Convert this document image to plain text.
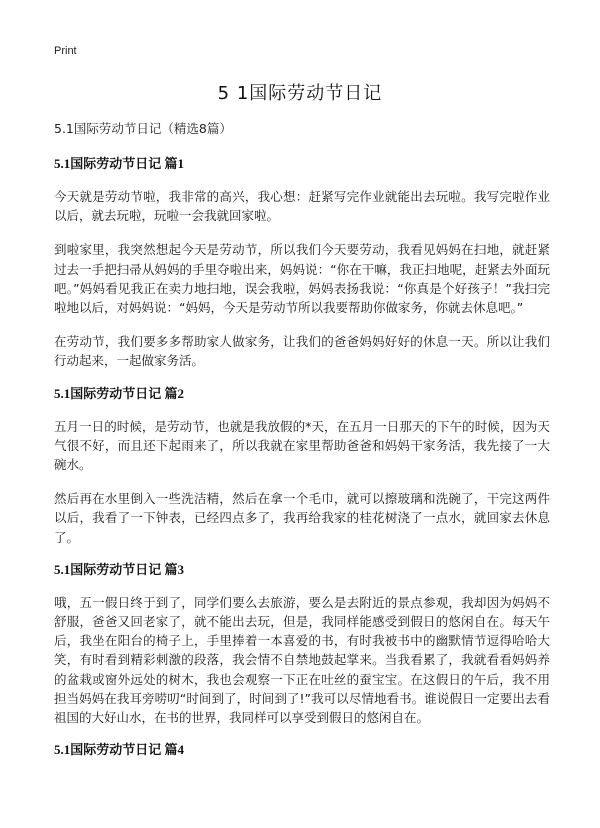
Print
5 1国际劳动节日记

5.1国际劳动节日记（精选8篇）

5.1国际劳动节日记 篇1

今天就是劳动节啦，我非常的高兴，我心想：赶紧写完作业就能出去玩啦。我写完啦作业以后，就去玩啦，玩啦一会我就回家啦。

到啦家里，我突然想起今天是劳动节，所以我们今天要劳动，我看见妈妈在扫地，就赶紧过去一手把扫帚从妈妈的手里夺啦出来，妈妈说：“你在干嘛，我正扫地呢，赶紧去外面玩吧。”妈妈看见我正在卖力地扫地，误会我啦，妈妈表扬我说：“你真是个好孩子！”我扫完啦地以后，对妈妈说：“妈妈，今天是劳动节所以我要帮助你做家务，你就去休息吧。”

在劳动节，我们要多多帮助家人做家务，让我们的爸爸妈妈好好的休息一天。所以让我们行动起来，一起做家务活。

5.1国际劳动节日记 篇2

五月一日的时候，是劳动节，也就是我放假的*天，在五月一日那天的下午的时候，因为天气很不好，而且还下起雨来了，所以我就在家里帮助爸爸和妈妈干家务活，我先接了一大碗水。

然后再在水里倒入一些洗洁精，然后在拿一个毛巾，就可以擦玻璃和洗碗了，干完这两件以后，我看了一下钟表，已经四点多了，我再给我家的桂花树浇了一点水，就回家去休息了。

5.1国际劳动节日记 篇3

哦，五一假日终于到了，同学们要么去旅游，要么是去附近的景点参观，我却因为妈妈不舒服，爸爸又回老家了，就不能出去玩，但是，我同样能感受到假日的悠闲自在。每天午后，我坐在阳台的椅子上，手里捧着一本喜爱的书，有时我被书中的幽默情节逗得哈哈大笑，有时看到精彩刺激的段落，我会情不自禁地鼓起掌来。当我看累了，我就看看妈妈养的盆栽或窗外远处的树木，我也会观察一下正在吐丝的蚕宝宝。在这假日的午后，我不用担当妈妈在我耳旁唠叨“时间到了，时间到了!”我可以尽情地看书。谁说假日一定要出去看祖国的大好山水，在书的世界，我同样可以享受到假日的悠闲自在。

5.1国际劳动节日记 篇4
